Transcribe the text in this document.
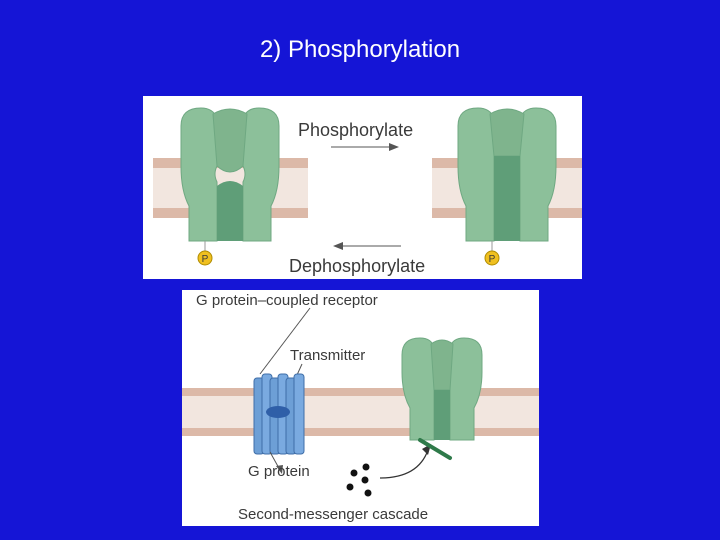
2) Phosphorylation
P	P
Phosphorylate
Dephosphorylate
G protein–coupled receptor
Transmitter
G protein
Second-messenger cascade
